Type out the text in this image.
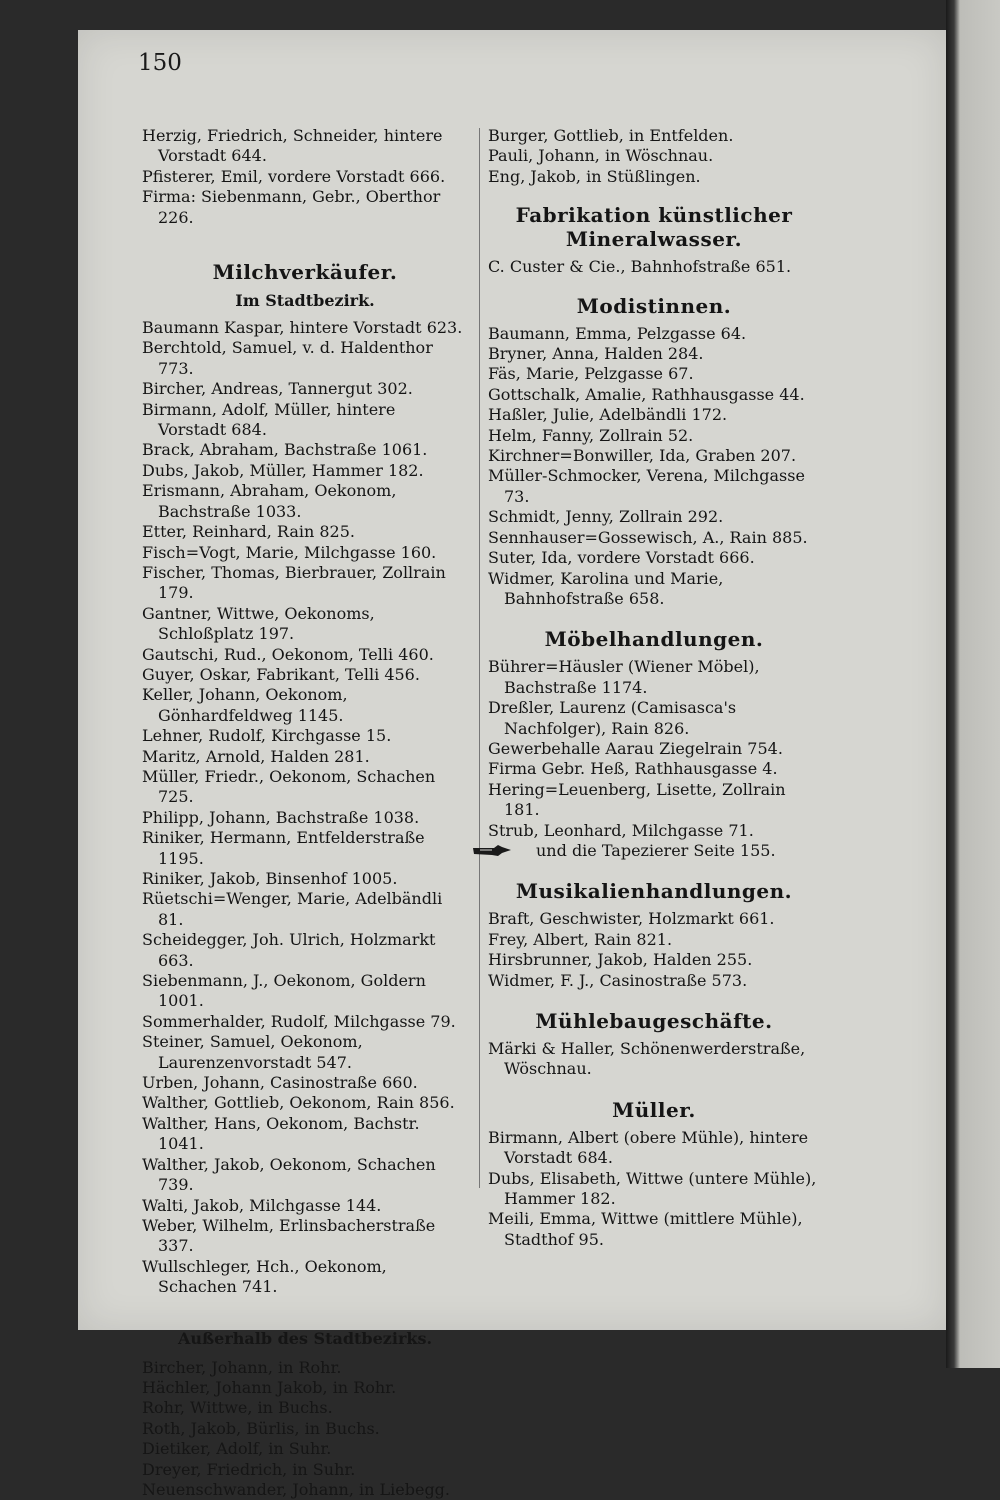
150

Herzig, Friedrich, Schneider, hintere Vorstadt 644.

Pfisterer, Emil, vordere Vorstadt 666.

Firma: Siebenmann, Gebr., Oberthor 226.

Milchverkäufer.
Im Stadtbezirk.

Baumann Kaspar, hintere Vorstadt 623.

Berchtold, Samuel, v. d. Haldenthor 773.

Bircher, Andreas, Tannergut 302.

Birmann, Adolf, Müller, hintere Vorstadt 684.

Brack, Abraham, Bachstraße 1061.

Dubs, Jakob, Müller, Hammer 182.

Erismann, Abraham, Oekonom, Bachstraße 1033.

Etter, Reinhard, Rain 825.

Fisch=Vogt, Marie, Milchgasse 160.

Fischer, Thomas, Bierbrauer, Zollrain 179.

Gantner, Wittwe, Oekonoms, Schloßplatz 197.

Gautschi, Rud., Oekonom, Telli 460.

Guyer, Oskar, Fabrikant, Telli 456.

Keller, Johann, Oekonom, Gönhardfeldweg 1145.

Lehner, Rudolf, Kirchgasse 15.

Maritz, Arnold, Halden 281.

Müller, Friedr., Oekonom, Schachen 725.

Philipp, Johann, Bachstraße 1038.

Riniker, Hermann, Entfelderstraße 1195.

Riniker, Jakob, Binsenhof 1005.

Rüetschi=Wenger, Marie, Adelbändli 81.

Scheidegger, Joh. Ulrich, Holzmarkt 663.

Siebenmann, J., Oekonom, Goldern 1001.

Sommerhalder, Rudolf, Milchgasse 79.

Steiner, Samuel, Oekonom, Laurenzenvorstadt 547.

Urben, Johann, Casinostraße 660.

Walther, Gottlieb, Oekonom, Rain 856.

Walther, Hans, Oekonom, Bachstr. 1041.

Walther, Jakob, Oekonom, Schachen 739.

Walti, Jakob, Milchgasse 144.

Weber, Wilhelm, Erlinsbacherstraße 337.

Wullschleger, Hch., Oekonom, Schachen 741.

Außerhalb des Stadtbezirks.

Bircher, Johann, in Rohr.

Hächler, Johann Jakob, in Rohr.

Rohr, Wittwe, in Buchs.

Roth, Jakob, Bürlis, in Buchs.

Dietiker, Adolf, in Suhr.

Dreyer, Friedrich, in Suhr.

Neuenschwander, Johann, in Liebegg.

Burger, Gottlieb, in Entfelden.

Pauli, Johann, in Wöschnau.

Eng, Jakob, in Stüßlingen.

Fabrikation künstlicher Mineralwasser.

C. Custer & Cie., Bahnhofstraße 651.

Modistinnen.

Baumann, Emma, Pelzgasse 64.

Bryner, Anna, Halden 284.

Fäs, Marie, Pelzgasse 67.

Gottschalk, Amalie, Rathhausgasse 44.

Haßler, Julie, Adelbändli 172.

Helm, Fanny, Zollrain 52.

Kirchner=Bonwiller, Ida, Graben 207.

Müller-Schmocker, Verena, Milchgasse 73.

Schmidt, Jenny, Zollrain 292.

Sennhauser=Gossewisch, A., Rain 885.

Suter, Ida, vordere Vorstadt 666.

Widmer, Karolina und Marie, Bahnhofstraße 658.

Möbelhandlungen.

Bührer=Häusler (Wiener Möbel), Bachstraße 1174.

Dreßler, Laurenz (Camisasca's Nachfolger), Rain 826.

Gewerbehalle Aarau Ziegelrain 754.

Firma Gebr. Heß, Rathhausgasse 4.

Hering=Leuenberg, Lisette, Zollrain 181.

Strub, Leonhard, Milchgasse 71.

und die Tapezierer Seite 155.
Musikalienhandlungen.

Braft, Geschwister, Holzmarkt 661.

Frey, Albert, Rain 821.

Hirsbrunner, Jakob, Halden 255.

Widmer, F. J., Casinostraße 573.

Mühlebaugeschäfte.

Märki & Haller, Schönenwerderstraße, Wöschnau.

Müller.

Birmann, Albert (obere Mühle), hintere Vorstadt 684.

Dubs, Elisabeth, Wittwe (untere Mühle), Hammer 182.

Meili, Emma, Wittwe (mittlere Mühle), Stadthof 95.
